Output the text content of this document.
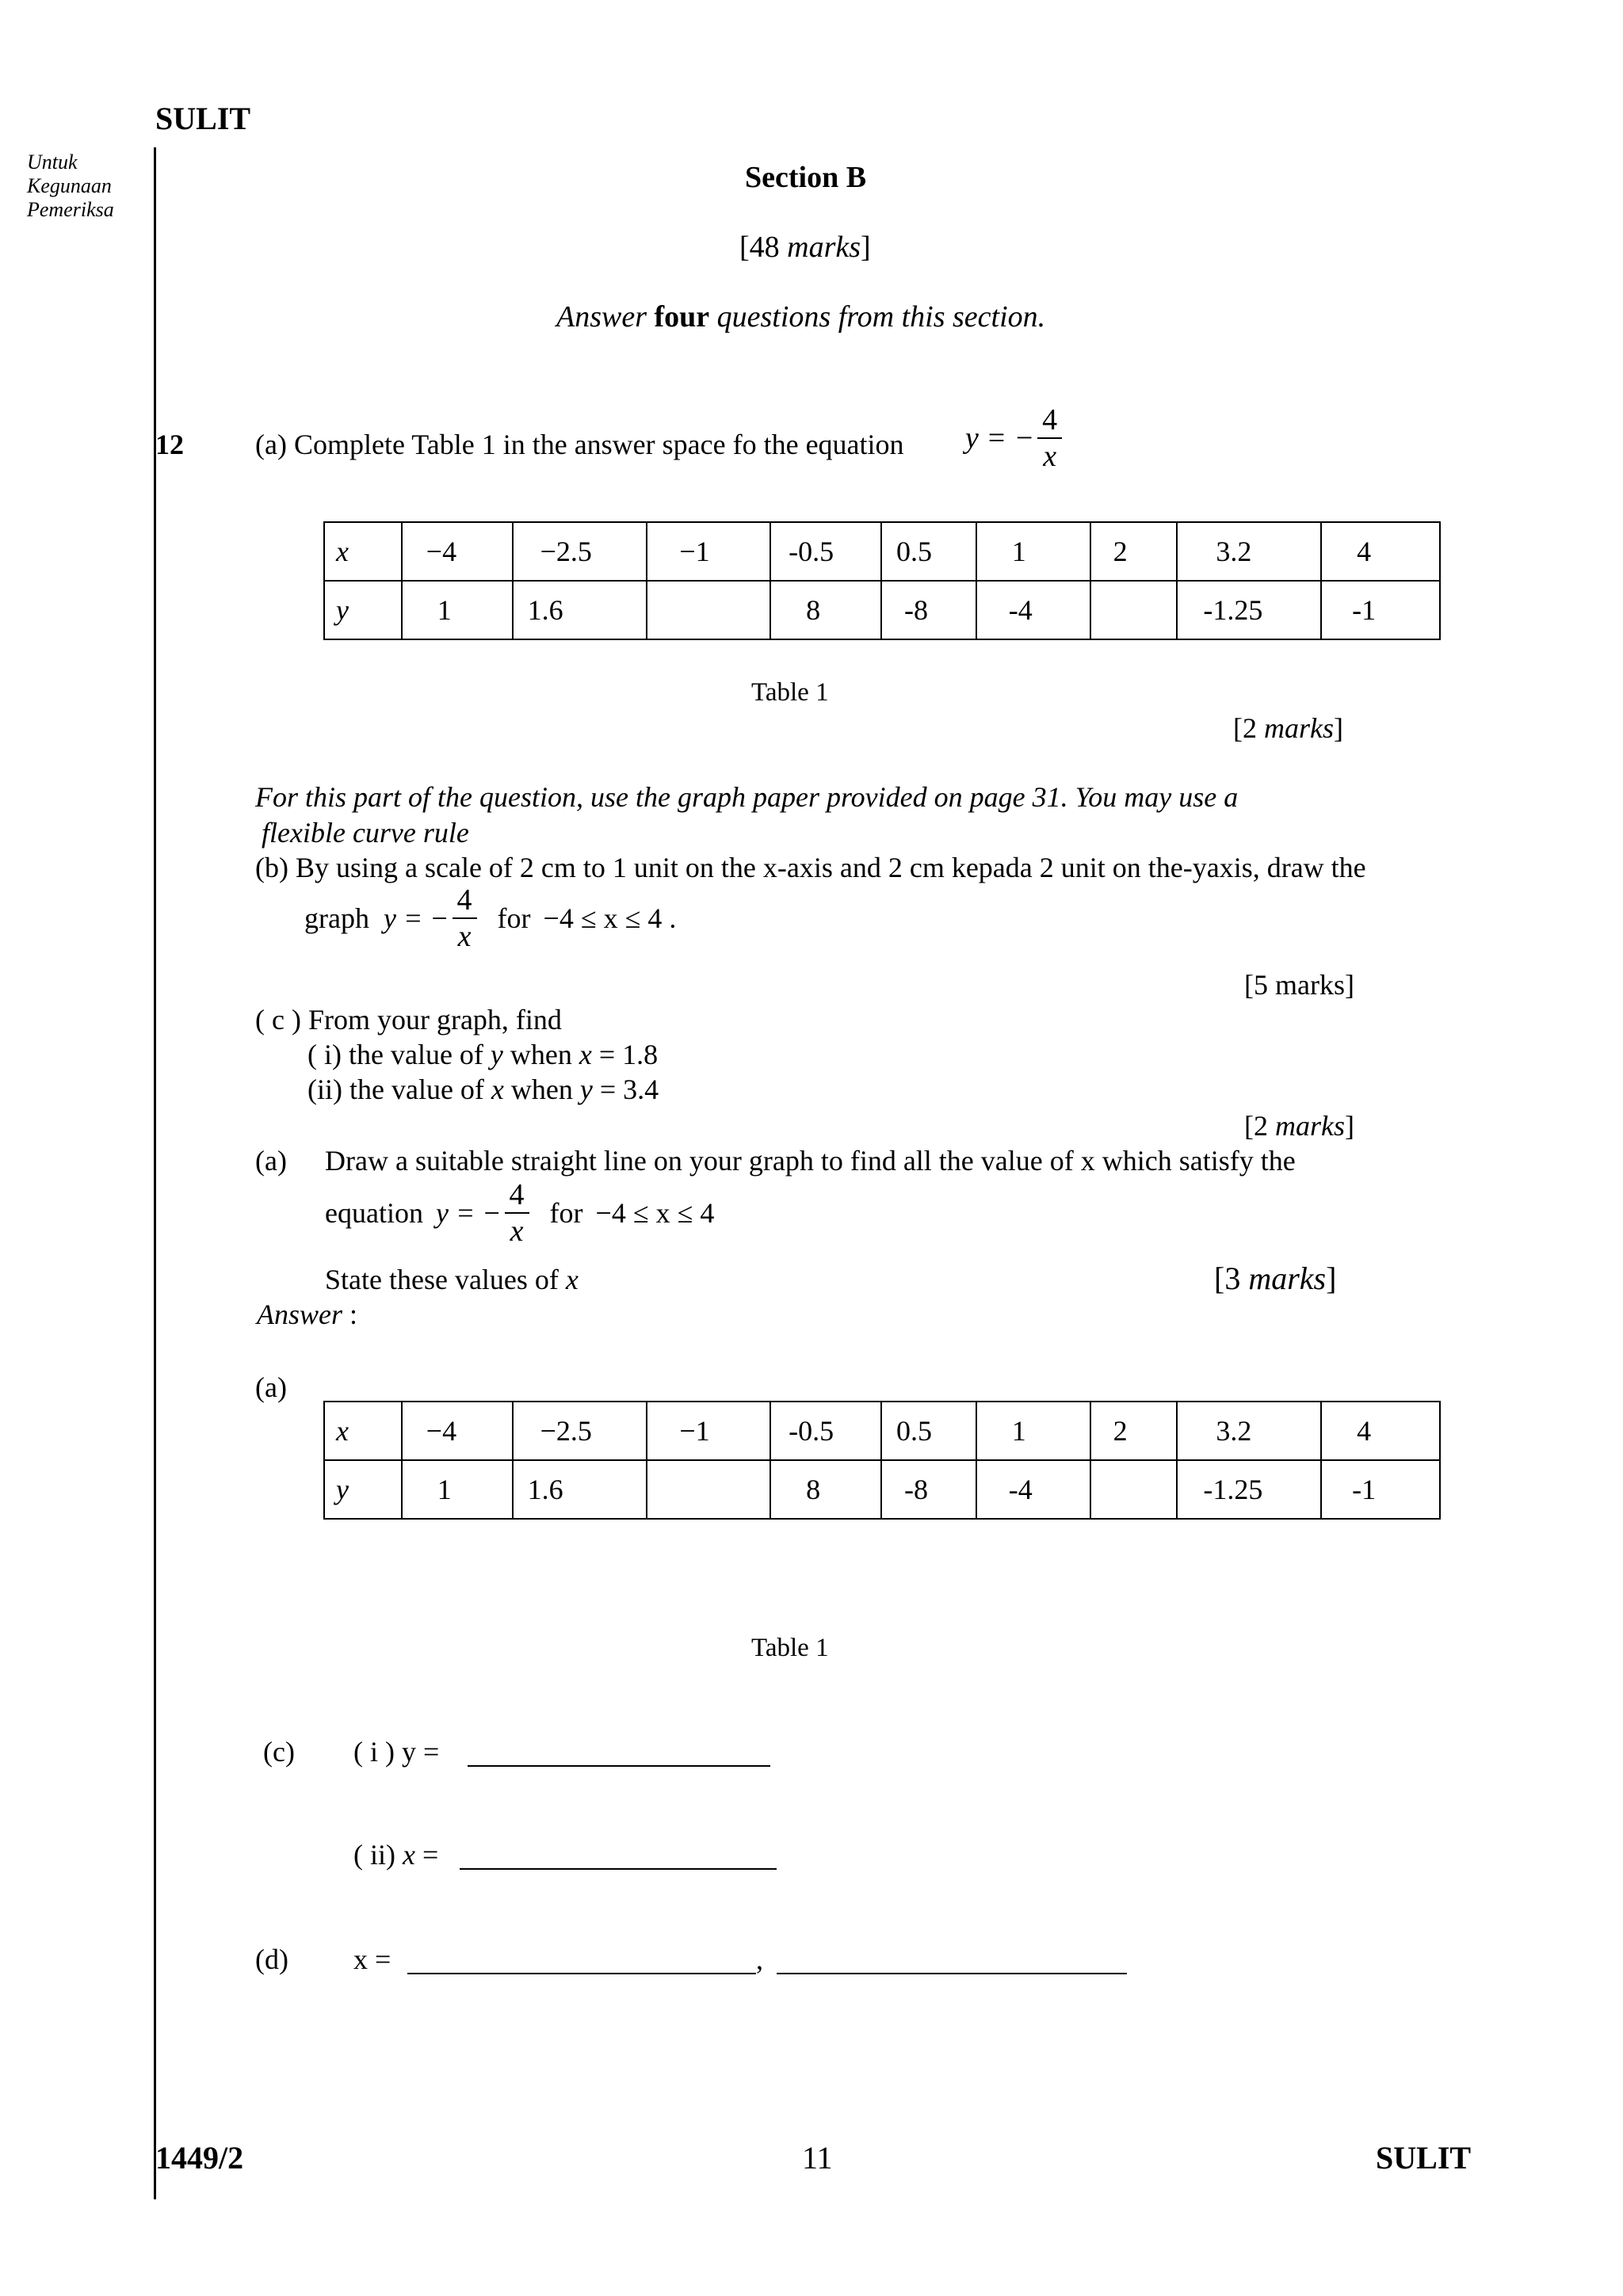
SULIT
Untuk
Kegunaan
Pemeriksa
Section B
[48 marks]
Answer four questions from this section.
12	(a) Complete Table 1 in the answer space fo the equation y = − $\frac{4}{x}$
x	−4	−2.5	−1	-0.5	0.5	1	2	3.2	4
y	1	1.6		8	-8	-4		-1.25	-1
Table 1
[2 marks]
For this part of the question, use the graph paper provided on page 31. You may use a
flexible curve rule
(b) By using a scale of 2 cm to 1 unit on the x-axis and 2 cm kepada 2 unit on the-yaxis, draw the
graph y = − $\frac{4}{x}$ for −4 ≤ x ≤ 4 .
[5 marks]
( c ) From your graph, find
( i) the value of y when x = 1.8
(ii) the value of x when y = 3.4
[2 marks]
(a) Draw a suitable straight line on your graph to find all the value of x which satisfy the
equation y = − $\frac{4}{x}$ for −4 ≤ x ≤ 4
State these values of x	[3 marks]
Answer :
(a)
x	−4	−2.5	−1	-0.5	0.5	1	2	3.2	4
y	1	1.6		8	-8	-4		-1.25	-1
Table 1
(c) ( i ) y =
( ii) x =
(d) x =	,
1449/2	11	SULIT
